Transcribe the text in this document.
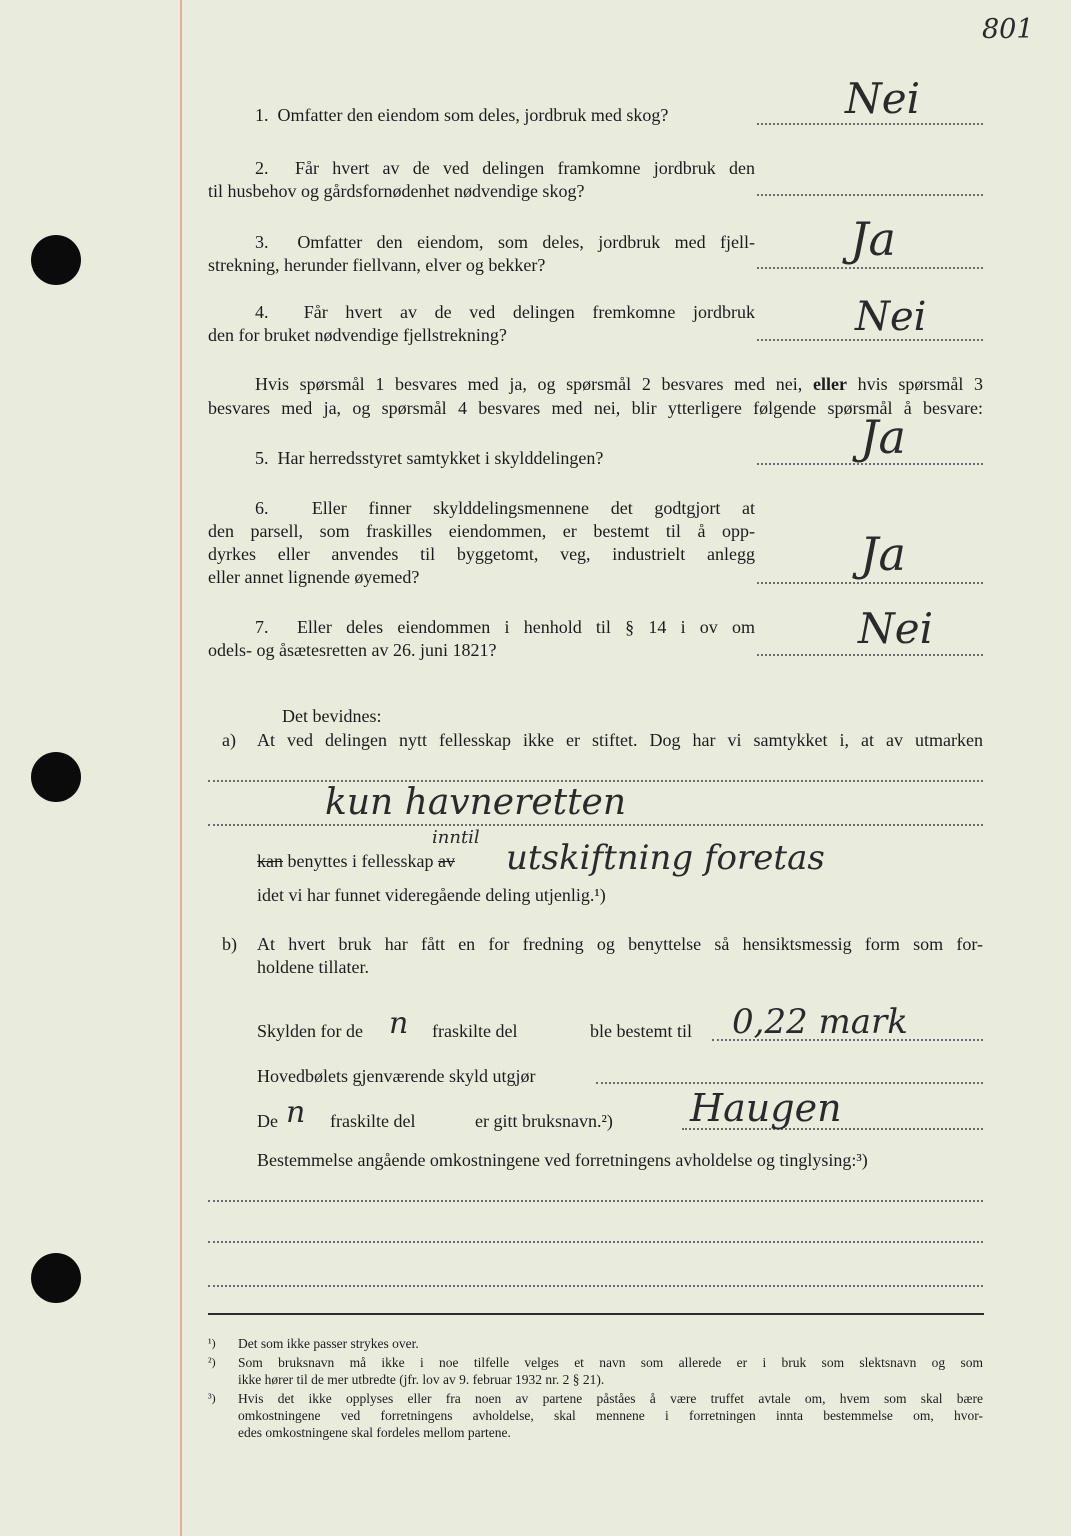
801
1. Omfatter den eiendom som deles, jordbruk med skog?	Nei
2. Får hvert av de ved delingen framkomne jordbruk den
til husbehov og gårdsfornødenhet nødvendige skog?
3. Omfatter den eiendom, som deles, jordbruk med fjell-
strekning, herunder fiellvann, elver og bekker?	Ja
4. Får hvert av de ved delingen fremkomne jordbruk
den for bruket nødvendige fjellstrekning?	Nei
Hvis spørsmål 1 besvares med ja, og spørsmål 2 besvares med nei, eller hvis spørsmål 3
besvares med ja, og spørsmål 4 besvares med nei, blir ytterligere følgende spørsmål å besvare:
5. Har herredsstyret samtykket i skylddelingen?	Ja
6. Eller finner skylddelingsmennene det godtgjort at
den parsell, som fraskilles eiendommen, er bestemt til å opp-
dyrkes eller anvendes til byggetomt, veg, industrielt anlegg
eller annet lignende øyemed?	Ja
7. Eller deles eiendommen i henhold til § 14 i ov om
odels- og åsætesretten av 26. juni 1821?	Nei
Det bevidnes:
a) At ved delingen nytt fellesskap ikke er stiftet. Dog har vi samtykket i, at av utmarken
kun havneretten
kan benyttes i fellesskap av
inntil
utskiftning foretas
idet vi har funnet videregående deling utjenlig.¹)
b) At hvert bruk har fått en for fredning og benyttelse så hensiktsmessig form som for-
holdene tillater.
Skylden for de n fraskilte del	ble bestemt til 0,22 mark
Hovedbølets gjenværende skyld utgjør
De n fraskilte del	er gitt bruksnavn.²) Haugen
Bestemmelse angående omkostningene ved forretningens avholdelse og tinglysing:³)
¹) Det som ikke passer strykes over.
²) Som bruksnavn må ikke i noe tilfelle velges et navn som allerede er i bruk som slektsnavn og som
ikke hører til de mer utbredte (jfr. lov av 9. februar 1932 nr. 2 § 21).
³) Hvis det ikke opplyses eller fra noen av partene påståes å være truffet avtale om, hvem som skal bære
omkostningene ved forretningens avholdelse, skal mennene i forretningen innta bestemmelse om, hvor-
edes omkostningene skal fordeles mellom partene.
